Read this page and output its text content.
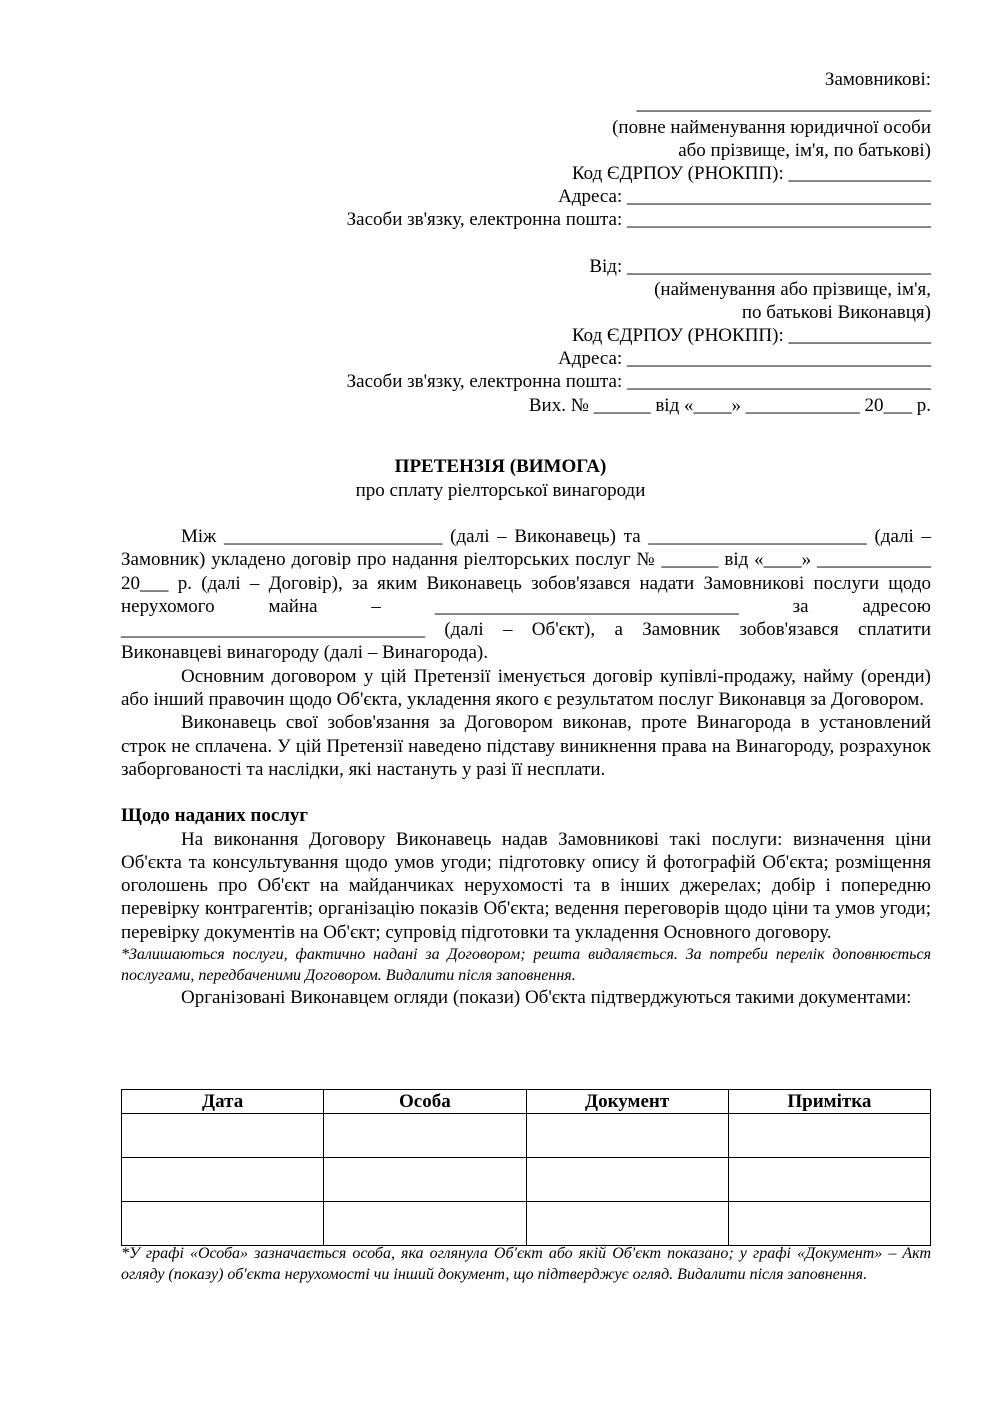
Замовникові:
_______________________________
(повне найменування юридичної особи
або прізвище, ім'я, по батькові)
Код ЄДРПОУ (РНОКПП): _______________
Адреса: ________________________________
Засоби зв'язку, електронна пошта: ________________________________
Від: ________________________________
(найменування або прізвище, ім'я,
по батькові Виконавця)
Код ЄДРПОУ (РНОКПП): _______________
Адреса: ________________________________
Засоби зв'язку, електронна пошта: ________________________________
Вих. № ______ від «____» ____________ 20___ р.
ПРЕТЕНЗІЯ (ВИМОГА)
про сплату ріелторської винагороди

Між _______________________ (далі – Виконавець) та _______________________ (далі – Замовник) укладено договір про надання ріелторських послуг № ______ від «____» ____________ 20___ р. (далі – Договір), за яким Виконавець зобов'язався надати Замовникові послуги щодо нерухомого майна – ________________________________ за адресою ________________________________ (далі – Об'єкт), а Замовник зобов'язався сплатити Виконавцеві винагороду (далі – Винагорода).

Основним договором у цій Претензії іменується договір купівлі-продажу, найму (оренди) або інший правочин щодо Об'єкта, укладення якого є результатом послуг Виконавця за Договором.

Виконавець свої зобов'язання за Договором виконав, проте Винагорода в установлений строк не сплачена. У цій Претензії наведено підставу виникнення права на Винагороду, розрахунок заборгованості та наслідки, які настануть у разі її несплати.

Щодо наданих послуг

На виконання Договору Виконавець надав Замовникові такі послуги: визначення ціни Об'єкта та консультування щодо умов угоди; підготовку опису й фотографій Об'єкта; розміщення оголошень про Об'єкт на майданчиках нерухомості та в інших джерелах; добір і попередню перевірку контрагентів; організацію показів Об'єкта; ведення переговорів щодо ціни та умов угоди; перевірку документів на Об'єкт; супровід підготовки та укладення Основного договору.

*Залишаються послуги, фактично надані за Договором; решта видаляється. За потреби перелік доповнюється послугами, передбаченими Договором. Видалити після заповнення.

Організовані Виконавцем огляди (покази) Об'єкта підтверджуються такими документами:

Дата	Особа	Документ	Примітка

*У графі «Особа» зазначається особа, яка оглянула Об'єкт або якій Об'єкт показано; у графі «Документ» – Акт огляду (показу) об'єкта нерухомості чи інший документ, що підтверджує огляд. Видалити після заповнення.
